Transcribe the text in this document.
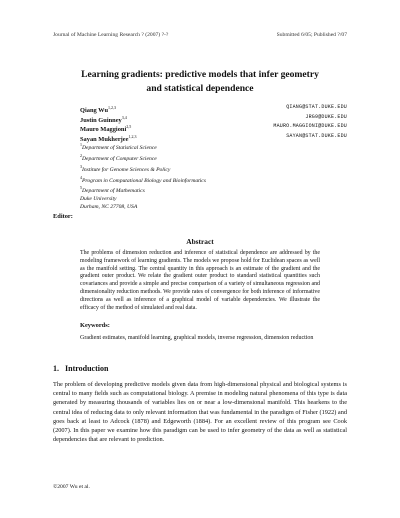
Journal of Machine Learning Research ? (2007) ?-?	Submitted 6/05; Published ?/07
Learning gradients: predictive models that infer geometry
and statistical dependence
Qiang Wu$^{1,2,3}$	QIANG@STAT.DUKE.EDU
Justin Guinney$^{3,4}$	JRG9@DUKE.EDU
Mauro Maggioni$^{2,5}$	MAURO.MAGGIONI@DUKE.EDU
Sayan Mukherjee$^{1,2,3}$	SAYAN@STAT.DUKE.EDU
$^1$Department of Statistical Science
$^2$Department of Computer Science
$^3$Institute for Genome Sciences & Policy
$^4$Program in Computational Biology and Bioinformatics
$^5$Department of Mathematics
Duke University
Durham, NC 27708, USA
Editor:
Abstract
The problems of dimension reduction and inference of statistical dependence are addressed by the modeling framework of learning gradients. The models we propose hold for Euclidean spaces as well as the manifold setting. The central quantity in this approach is an estimate of the gradient and the gradient outer product. We relate the gradient outer product to standard statistical quantities such covariances and provide a simple and precise comparison of a variety of simultaneous regression and dimensionality reduction methods. We provide rates of convergence for both inference of informative directions as well as inference of a graphical model of variable dependencies. We illustrate the efficacy of the method of simulated and real data.
Keywords:
Gradient estimates, manifold learning, graphical models, inverse regression, dimension reduction
1. Introduction
The problem of developing predictive models given data from high-dimensional physical and biological systems is central to many fields such as computational biology. A premise in modeling natural phenomena of this type is data generated by measuring thousands of variables lies on or near a low-dimensional manifold. This hearkens to the central idea of reducing data to only relevant information that was fundamental in the paradigm of Fisher (1922) and goes back at least to Adcock (1878) and Edgeworth (1884). For an excellent review of this program see Cook (2007). In this paper we examine how this paradigm can be used to infer geometry of the data as well as statistical dependencies that are relevant to prediction.
©2007 Wu et al.
